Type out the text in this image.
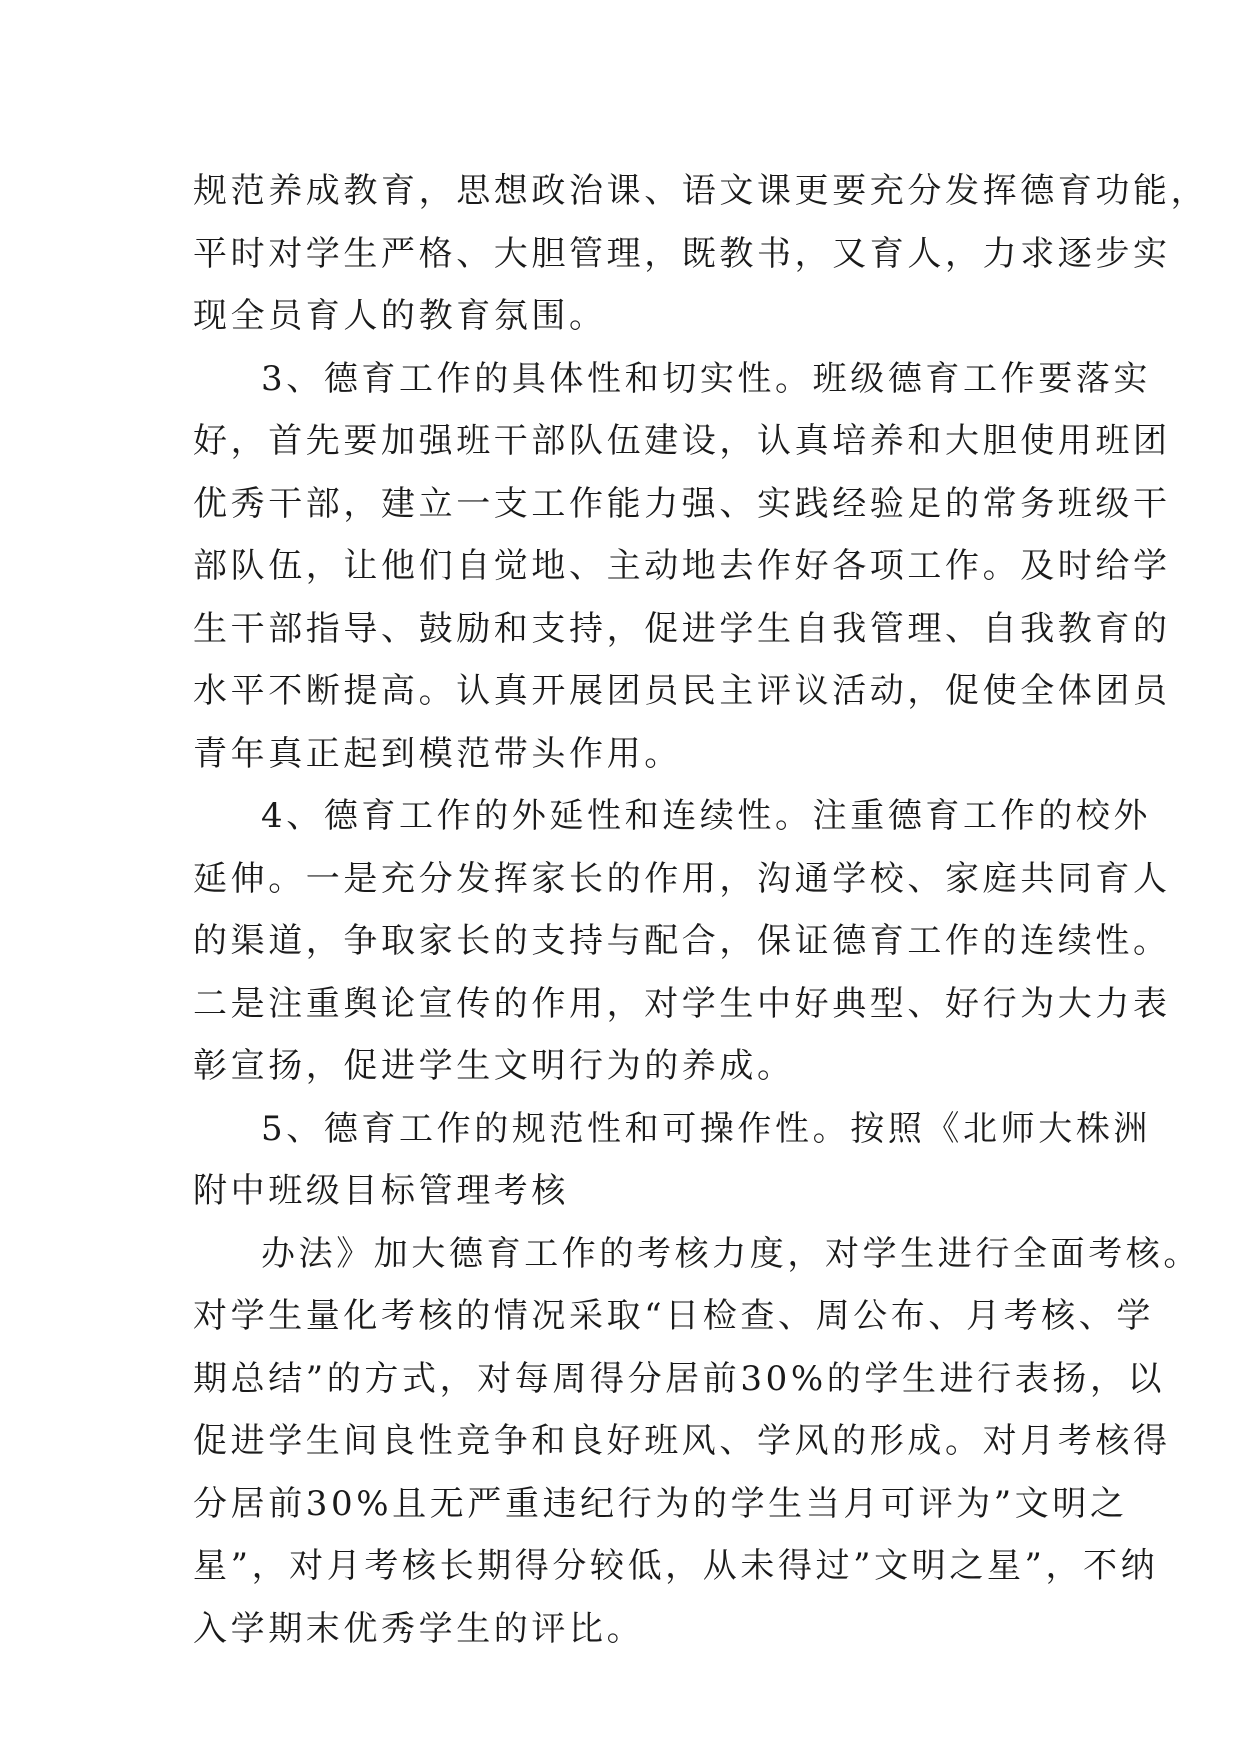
规范养成教育，思想政治课、语文课更要充分发挥德育功能，
平时对学生严格、大胆管理，既教书，又育人，力求逐步实
现全员育人的教育氛围。
3、德育工作的具体性和切实性。班级德育工作要落实
好，首先要加强班干部队伍建设，认真培养和大胆使用班团
优秀干部，建立一支工作能力强、实践经验足的常务班级干
部队伍，让他们自觉地、主动地去作好各项工作。及时给学
生干部指导、鼓励和支持，促进学生自我管理、自我教育的
水平不断提高。认真开展团员民主评议活动，促使全体团员
青年真正起到模范带头作用。
4、德育工作的外延性和连续性。注重德育工作的校外
延伸。一是充分发挥家长的作用，沟通学校、家庭共同育人
的渠道，争取家长的支持与配合，保证德育工作的连续性。
二是注重舆论宣传的作用，对学生中好典型、好行为大力表
彰宣扬，促进学生文明行为的养成。
5、德育工作的规范性和可操作性。按照《北师大株洲
附中班级目标管理考核
办法》加大德育工作的考核力度，对学生进行全面考核。
对学生量化考核的情况采取“日检查、周公布、月考核、学
期总结”的方式，对每周得分居前30%的学生进行表扬，以
促进学生间良性竞争和良好班风、学风的形成。对月考核得
分居前30%且无严重违纪行为的学生当月可评为”文明之
星”，对月考核长期得分较低，从未得过”文明之星”，不纳
入学期末优秀学生的评比。
